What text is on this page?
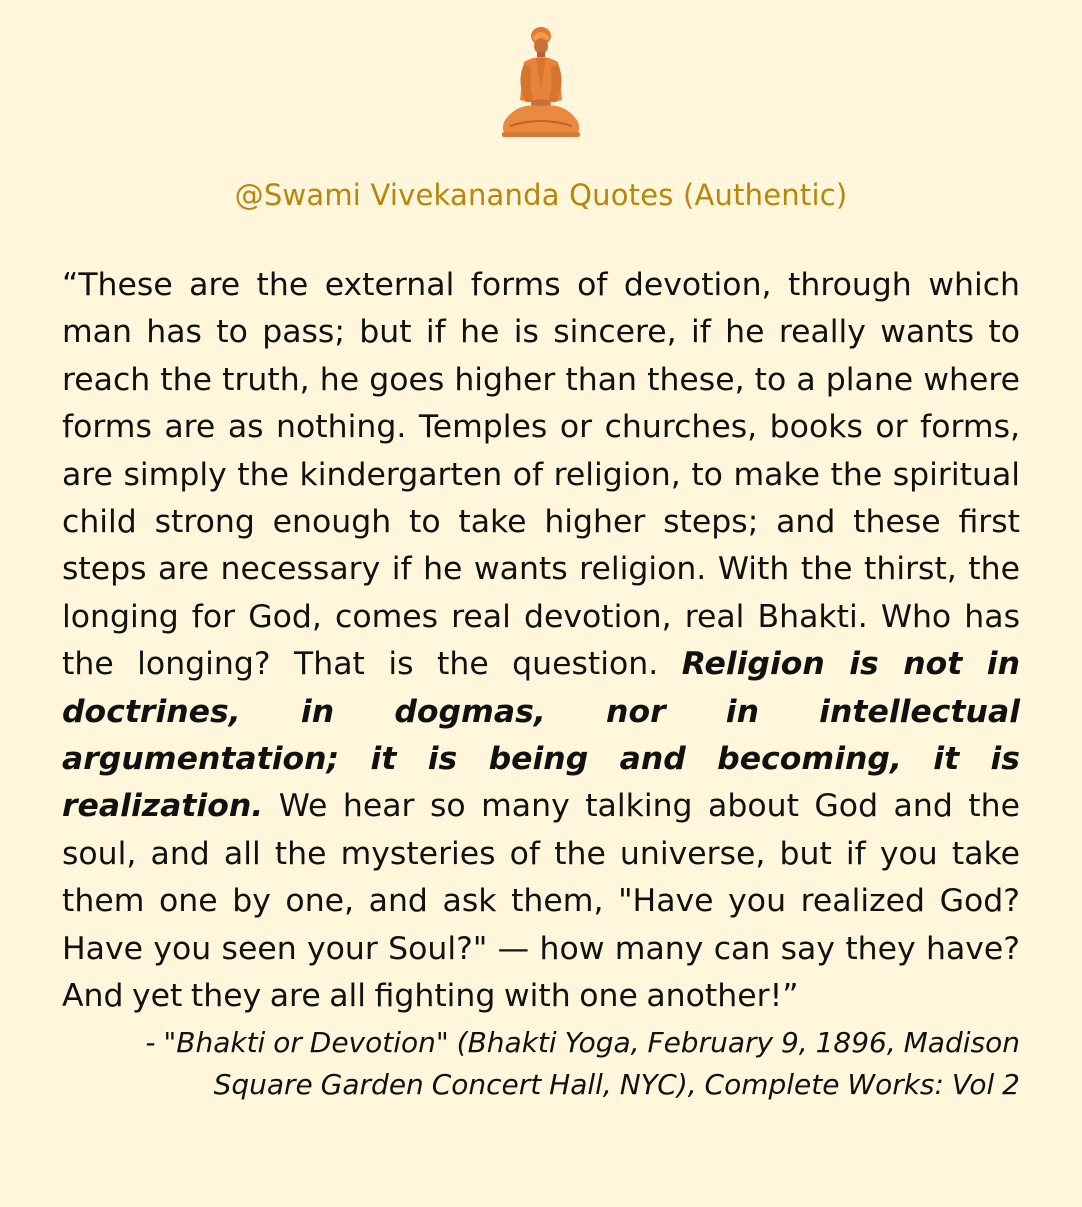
@Swami Vivekananda Quotes (Authentic)

“These are the external forms of devotion, through which man has to pass; but if he is sincere, if he really wants to reach the truth, he goes higher than these, to a plane where forms are as nothing. Temples or churches, books or forms, are simply the kindergarten of religion, to make the spiritual child strong enough to take higher steps; and these first steps are necessary if he wants religion. With the thirst, the longing for God, comes real devotion, real Bhakti. Who has the longing? That is the question. Religion is not in doctrines, in dogmas, nor in intellectual argumentation; it is being and becoming, it is realization. We hear so many talking about God and the soul, and all the mysteries of the universe, but if you take them one by one, and ask them, "Have you realized God? Have you seen your Soul?" — how many can say they have? And yet they are all fighting with one another!”

- "Bhakti or Devotion" (Bhakti Yoga, February 9, 1896, Madison
Square Garden Concert Hall, NYC), Complete Works: Vol 2
